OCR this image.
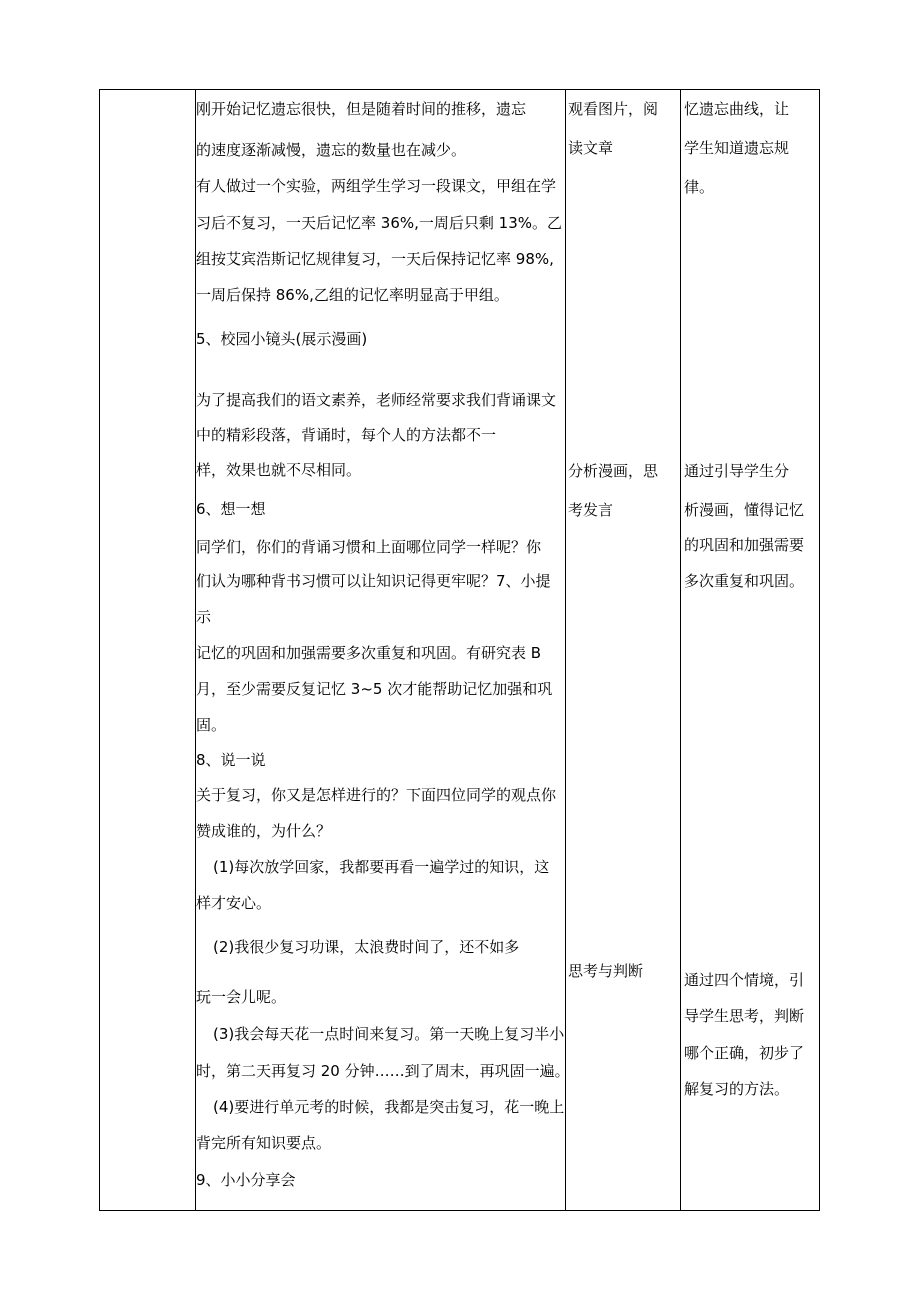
刚开始记忆遗忘很快，但是随着时间的推移，遗忘
的速度逐渐减慢，遗忘的数量也在减少。
有人做过一个实验，两组学生学习一段课文，甲组在学
习后不复习，一天后记忆率 36%,一周后只剩 13%。乙
组按艾宾浩斯记忆规律复习，一天后保持记忆率 98%,
一周后保持 86%,乙组的记忆率明显高于甲组。
5、校园小镜头(展示漫画)
为了提高我们的语文素养，老师经常要求我们背诵课文
中的精彩段落，背诵时，每个人的方法都不一
样，效果也就不尽相同。
6、想一想
同学们，你们的背诵习惯和上面哪位同学一样呢？你
们认为哪种背书习惯可以让知识记得更牢呢？7、小提
示
记忆的巩固和加强需要多次重复和巩固。有研究表 B
月，至少需要反复记忆 3~5 次才能帮助记忆加强和巩
固。
8、说一说
关于复习，你又是怎样进行的？下面四位同学的观点你
赞成谁的，为什么？
(1)每次放学回家，我都要再看一遍学过的知识，这
样才安心。
(2)我很少复习功课，太浪费时间了，还不如多
玩一会儿呢。
(3)我会每天花一点时间来复习。第一天晚上复习半小
时，第二天再复习 20 分钟……到了周末，再巩固一遍。
(4)要进行单元考的时候，我都是突击复习，花一晚上
背完所有知识要点。
9、小小分享会
观看图片，阅
读文章
分析漫画，思
考发言
思考与判断
忆遗忘曲线，让
学生知道遗忘规
律。
通过引导学生分
析漫画，懂得记忆
的巩固和加强需要
多次重复和巩固。
通过四个情境，引
导学生思考，判断
哪个正确，初步了
解复习的方法。
